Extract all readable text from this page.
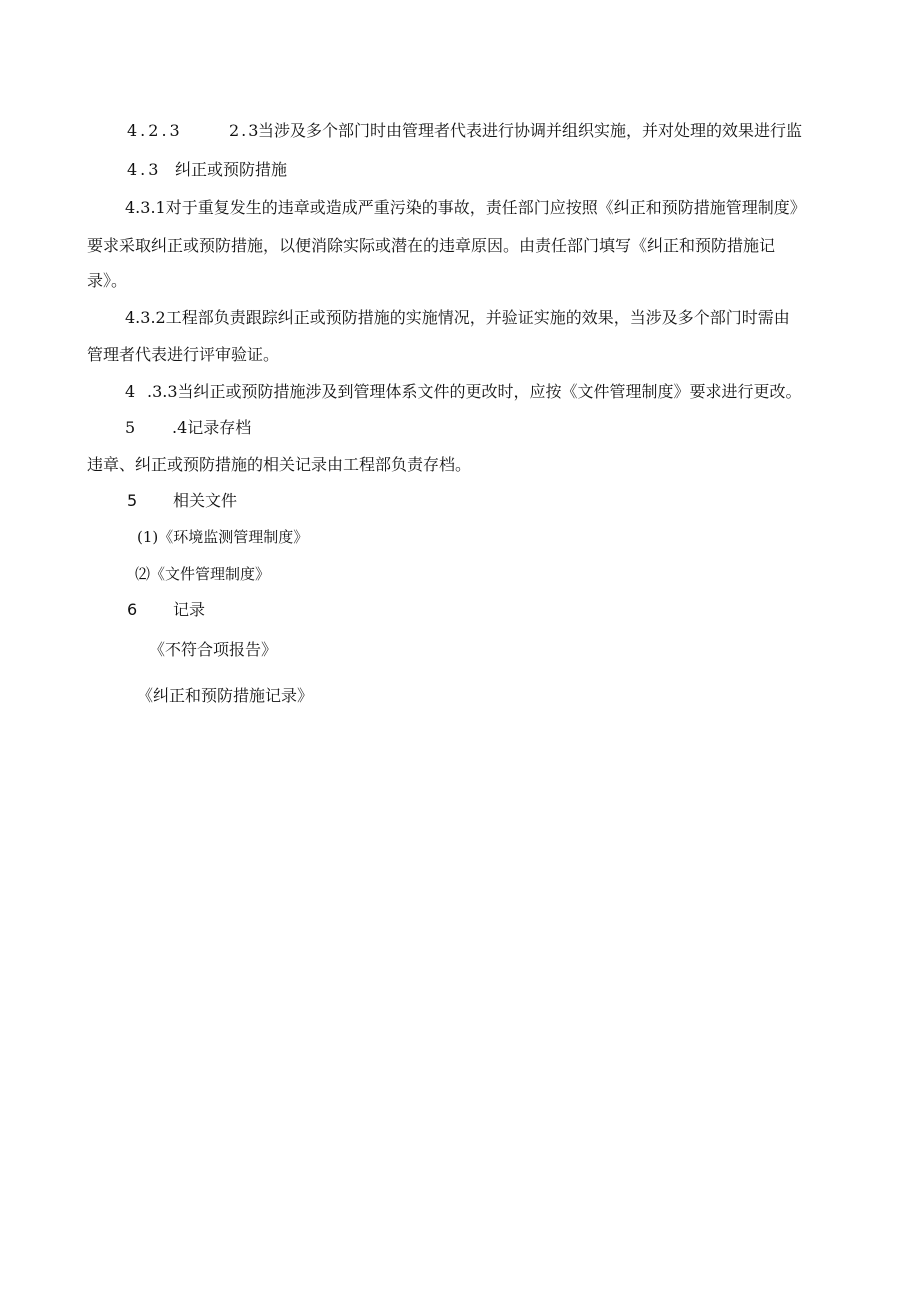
4.2.3	2.3
当涉及多个部门时由管理者代表进行协调并组织实施，并对处理的效果进行监
4.3 纠正或预防措施
4.3.1对于重复发生的违章或造成严重污染的事故，责任部门应按照《纠正和预防措施管理制度》
要求采取纠正或预防措施，以便消除实际或潜在的违章原因。由责任部门填写《纠正和预防措施记
录》。
4.3.2工程部负责跟踪纠正或预防措施的实施情况，并验证实施的效果，当涉及多个部门时需由
管理者代表进行评审验证。
4 .3.3当纠正或预防措施涉及到管理体系文件的更改时，应按《文件管理制度》要求进行更改。
5 .4记录存档
违章、纠正或预防措施的相关记录由工程部负责存档。
5 相关文件
(1)《环境监测管理制度》
⑵《文件管理制度》
6 记录
《不符合项报告》
《纠正和预防措施记录》
